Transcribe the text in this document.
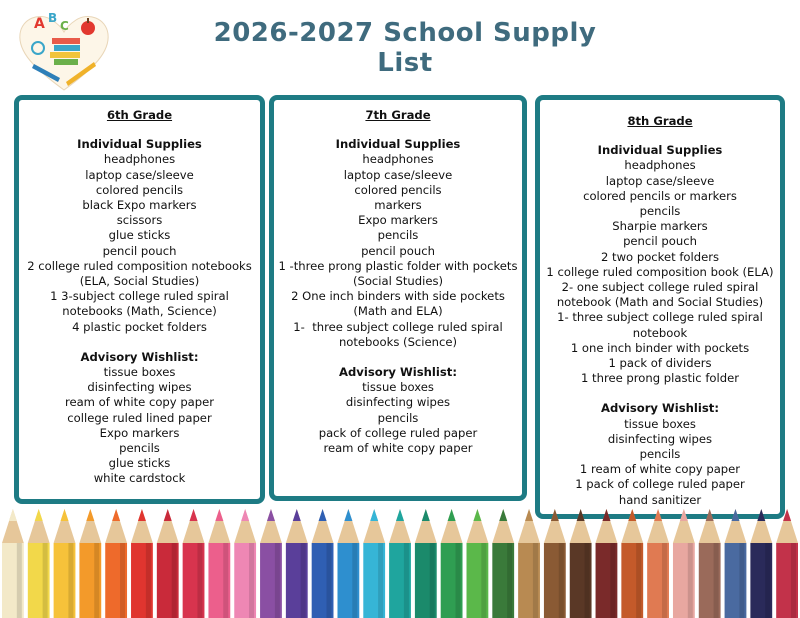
2026-2027 School Supply List
A B
C
6th Grade
Individual Supplies
headphones
laptop case/sleeve
colored pencils
black Expo markers
scissors
glue sticks
pencil pouch
2 college ruled composition notebooks (ELA, Social Studies)
1 3-subject college ruled spiral notebooks (Math, Science)
4 plastic pocket folders
Advisory Wishlist:
tissue boxes
disinfecting wipes
ream of white copy paper
college ruled lined paper
Expo markers
pencils
glue sticks
white cardstock
7th Grade
Individual Supplies
headphones
laptop case/sleeve
colored pencils
markers
Expo markers
pencils
pencil pouch
1 -three prong plastic folder with pockets (Social Studies)
2 One inch binders with side pockets (Math and ELA)
1-  three subject college ruled spiral notebooks (Science)
Advisory Wishlist:
tissue boxes
disinfecting wipes
pencils
pack of college ruled paper
ream of white copy paper
8th Grade
Individual Supplies
headphones
laptop case/sleeve
colored pencils or markers
pencils
Sharpie markers
pencil pouch
2 two pocket folders
1 college ruled composition book (ELA)
2- one subject college ruled spiral notebook (Math and Social Studies)
1- three subject college ruled spiral notebook
1 one inch binder with pockets
1 pack of dividers
1 three prong plastic folder
Advisory Wishlist:
tissue boxes
disinfecting wipes
pencils
1 ream of white copy paper
1 pack of college ruled paper
hand sanitizer
